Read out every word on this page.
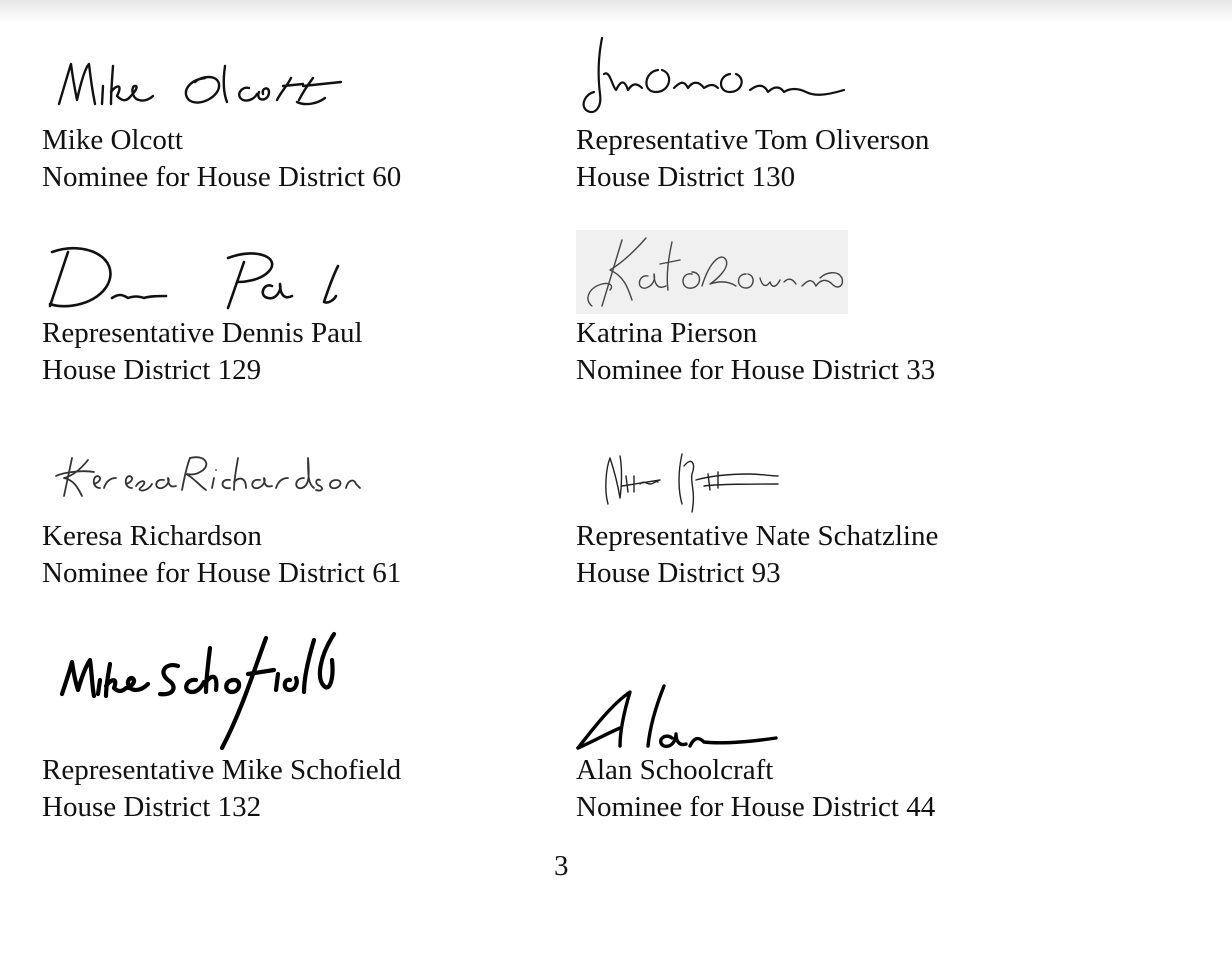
Mike Olcott
Nominee for House District 60
Representative Tom Oliverson
House District 130
Representative Dennis Paul
House District 129
Katrina Pierson
Nominee for House District 33
Keresa Richardson
Nominee for House District 61
Representative Nate Schatzline
House District 93
Representative Mike Schofield
House District 132
Alan Schoolcraft
Nominee for House District 44
3
